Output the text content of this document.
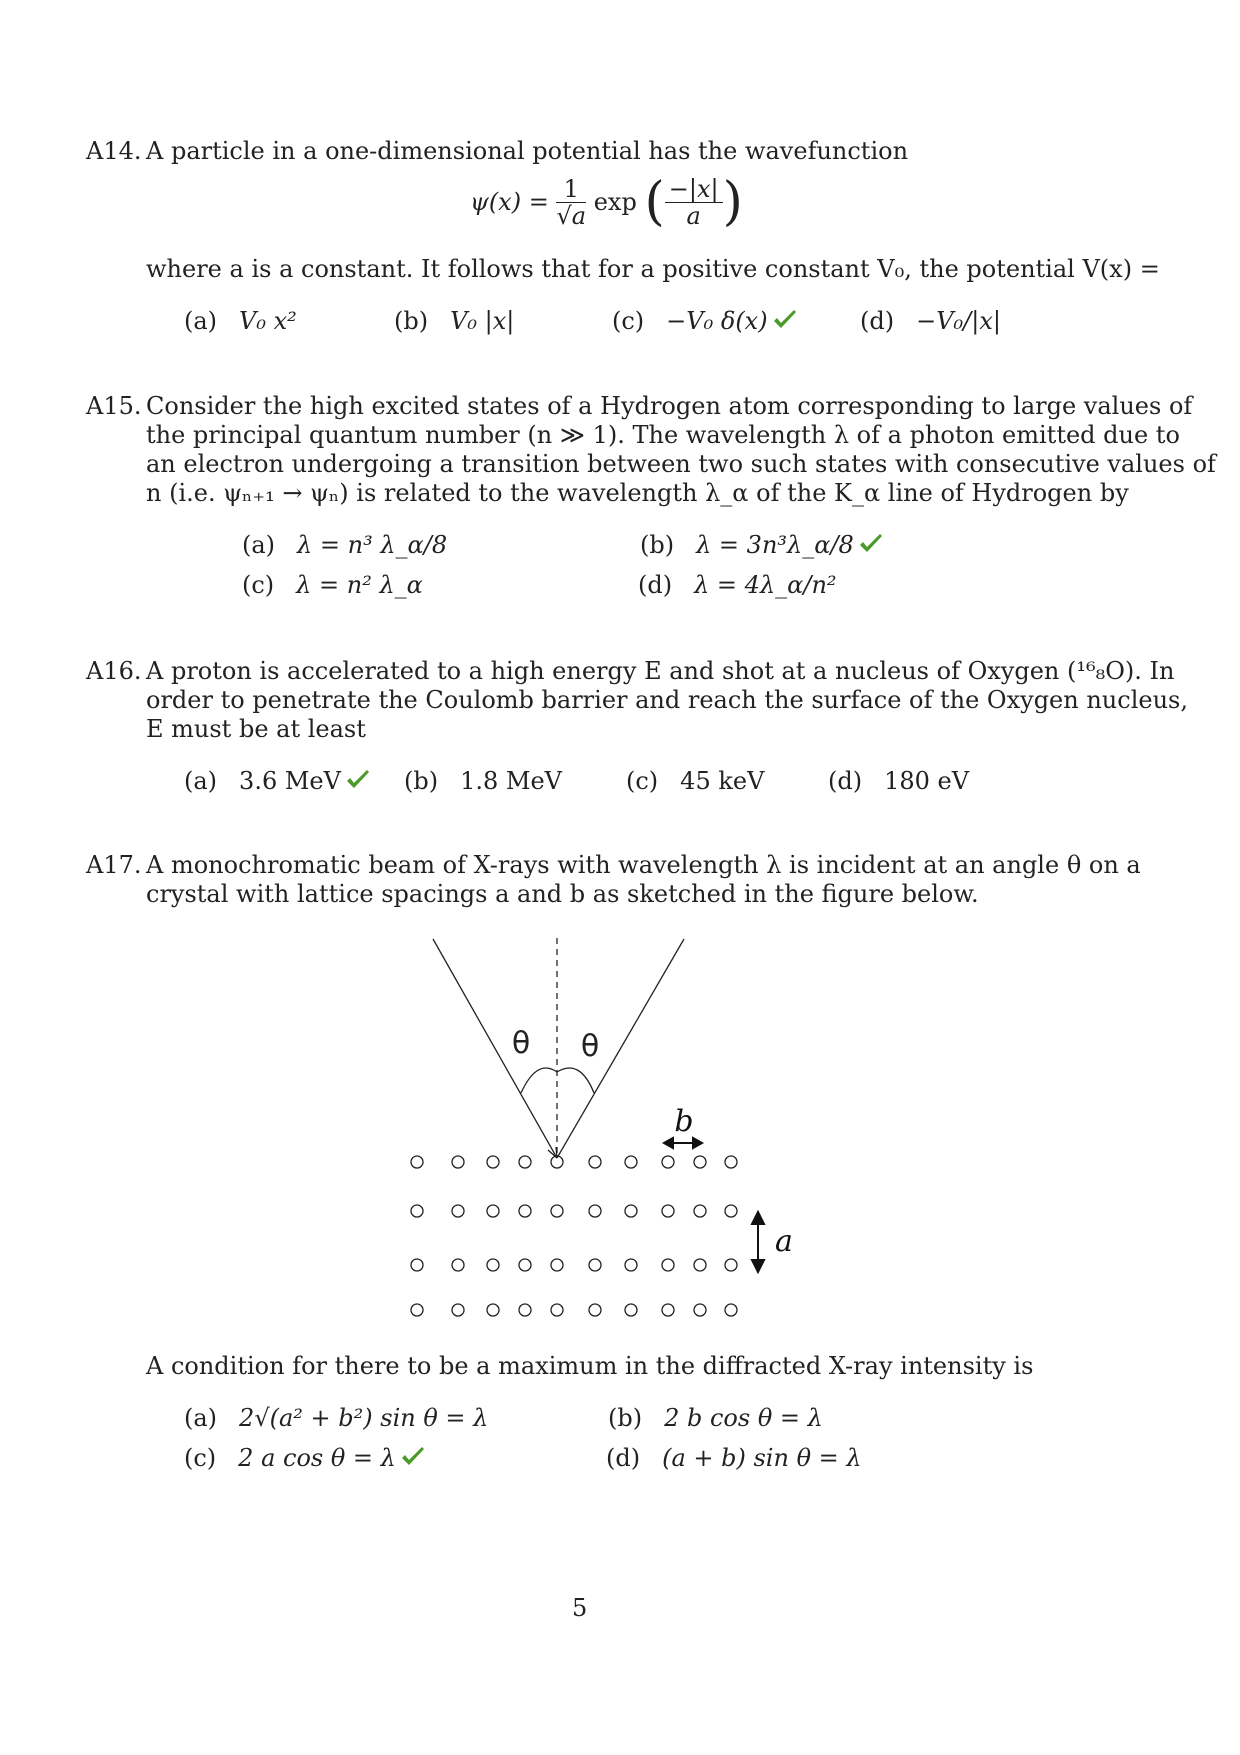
A14. A particle in a one-dimensional potential has the wavefunction
$\psi(x) = \frac{1}{√a}$ exp ( $\frac{-|x|}{a}$ )
where a is a constant. It follows that for a positive constant V₀, the potential V(x) =
(a) V₀ x²	(b) V₀ |x|	(c) −V₀ δ(x)	(d) −V₀/|x|
A15. Consider the high excited states of a Hydrogen atom corresponding to large values of
the principal quantum number (n ≫ 1). The wavelength λ of a photon emitted due to
an electron undergoing a transition between two such states with consecutive values of
n (i.e. ψₙ₊₁ → ψₙ) is related to the wavelength λ_α of the K_α line of Hydrogen by
(a) λ = n³ λ_α/8	(b) λ = 3n³λ_α/8
(c) λ = n² λ_α	(d) λ = 4λ_α/n²
A16. A proton is accelerated to a high energy E and shot at a nucleus of Oxygen (¹⁶₈O). In
order to penetrate the Coulomb barrier and reach the surface of the Oxygen nucleus,
E must be at least
(a) 3.6 MeV	(b) 1.8 MeV	(c) 45 keV	(d) 180 eV
A17. A monochromatic beam of X-rays with wavelength λ is incident at an angle θ on a
crystal with lattice spacings a and b as sketched in the figure below.
θ θ
b
a
A condition for there to be a maximum in the diffracted X-ray intensity is
(a) 2√(a² + b²) sin θ = λ	(b) 2 b cos θ = λ
(c) 2 a cos θ = λ	(d) (a + b) sin θ = λ
5
